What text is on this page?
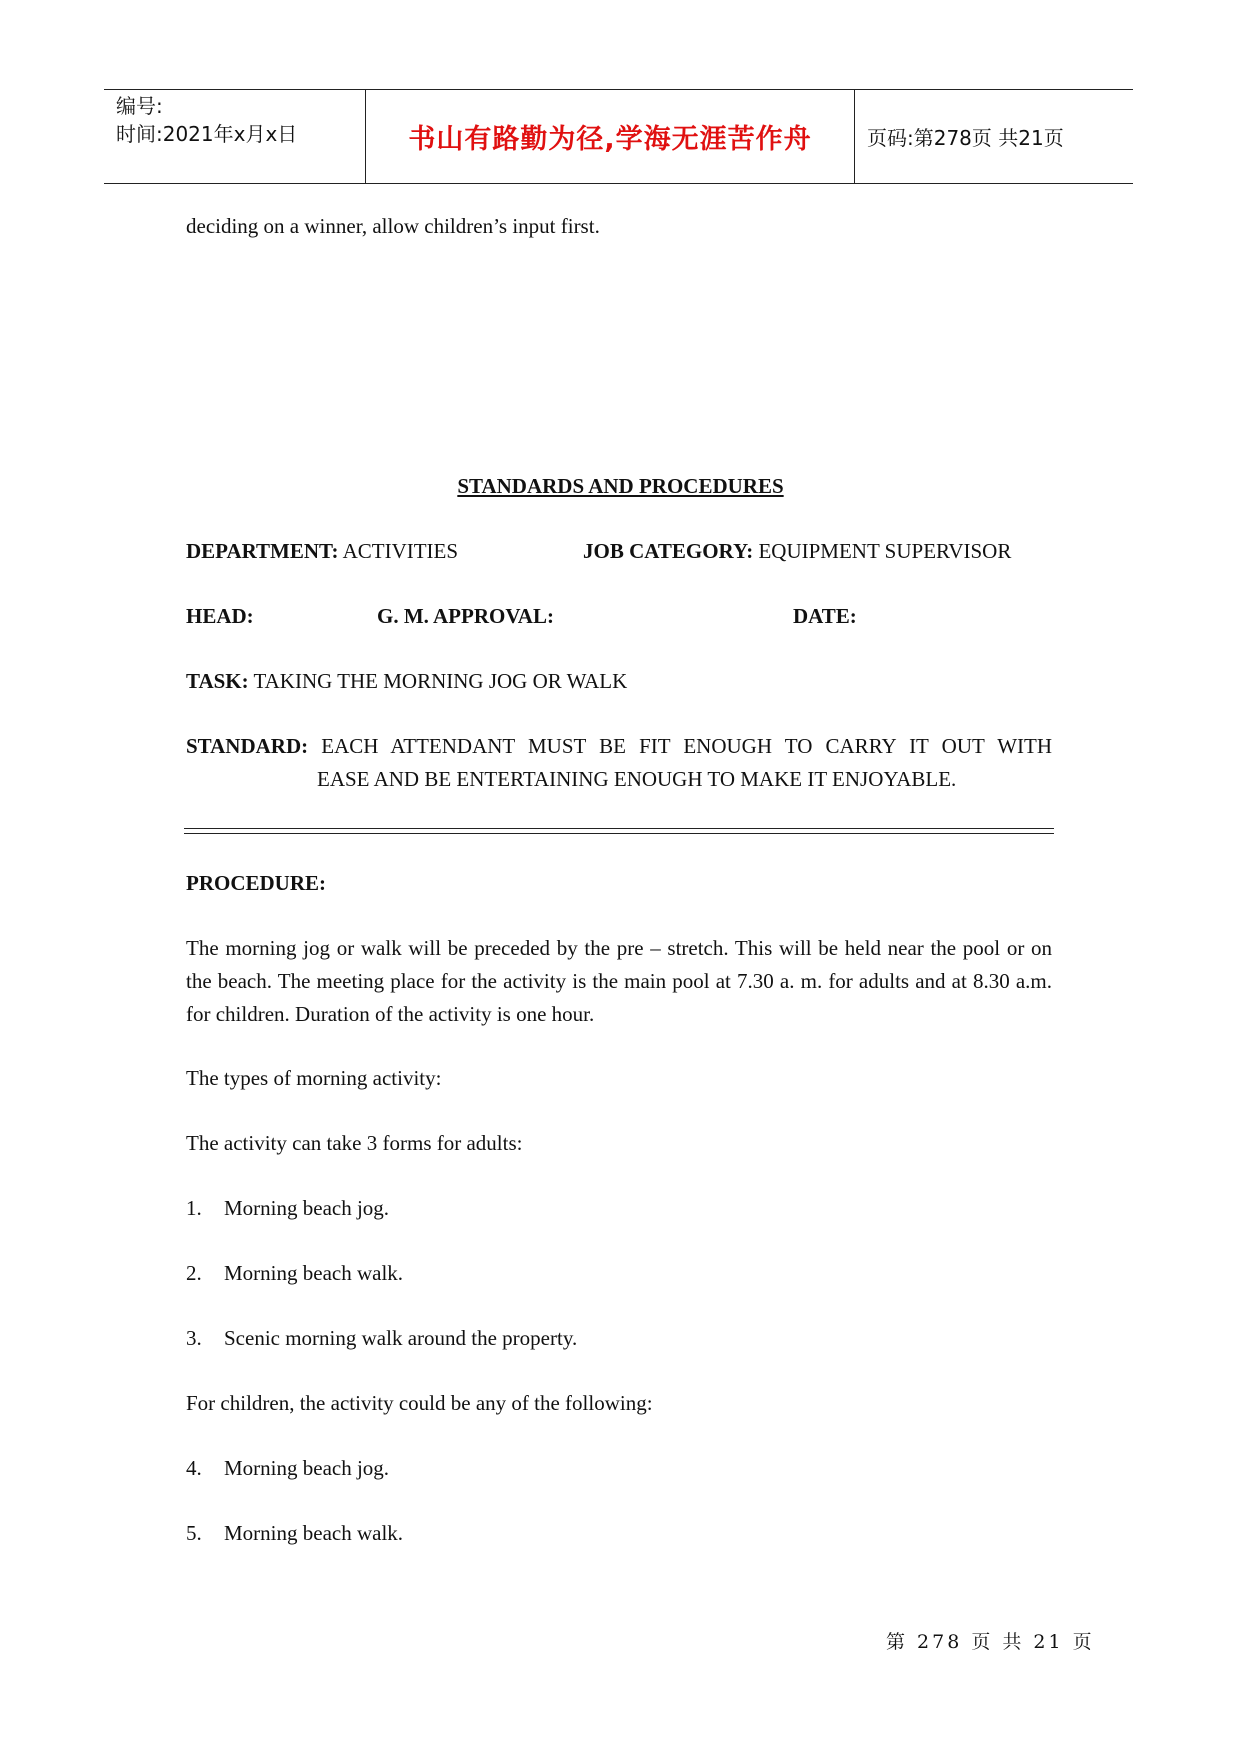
编号:
时间:2021年x月x日	书山有路勤为径,学海无涯苦作舟	页码:第278页 共21页
deciding on a winner, allow children’s input first.
STANDARDS AND PROCEDURES
DEPARTMENT: ACTIVITIES	JOB CATEGORY: EQUIPMENT SUPERVISOR
HEAD:	G. M. APPROVAL:	DATE:
TASK: TAKING THE MORNING JOG OR WALK
STANDARD: EACH ATTENDANT MUST BE FIT ENOUGH TO CARRY IT OUT WITH
EASE AND BE ENTERTAINING ENOUGH TO MAKE IT ENJOYABLE.
PROCEDURE:
The morning jog or walk will be preceded by the pre – stretch. This will be held near the pool or on the beach. The meeting place for the activity is the main pool at 7.30 a. m. for adults and at 8.30 a.m. for children. Duration of the activity is one hour.
The types of morning activity:
The activity can take 3 forms for adults:
1. Morning beach jog.
2. Morning beach walk.
3. Scenic morning walk around the property.
For children, the activity could be any of the following:
4. Morning beach jog.
5. Morning beach walk.
第 278 页 共 21 页
